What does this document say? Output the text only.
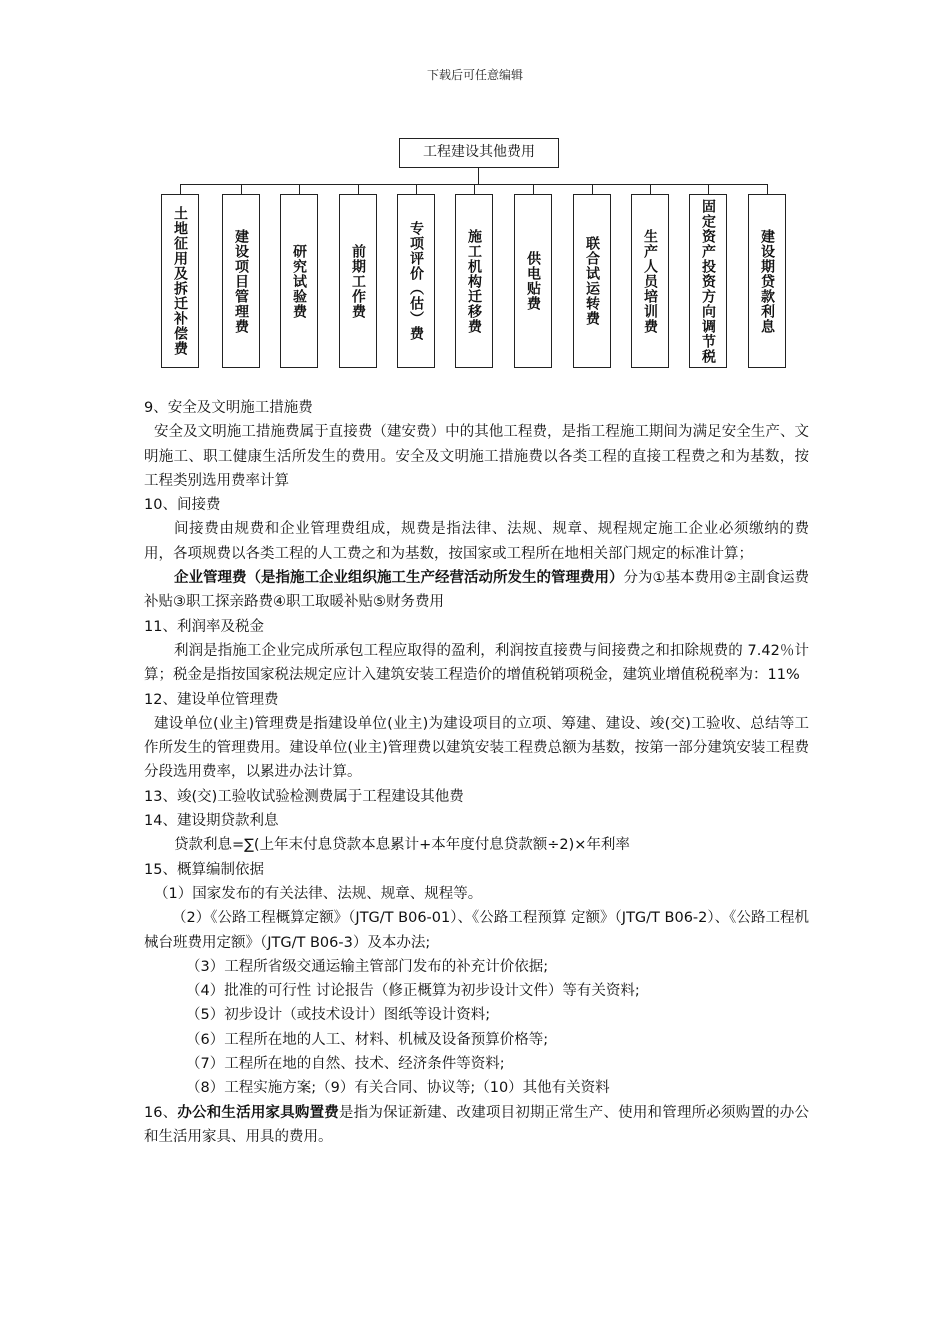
下载后可任意编辑
工程建设其他费用
土地征用及拆迁补偿费	建设项目管理费	研究试验费	前期工作费	专项评价（估）费	施工机构迁移费	供电贴费	联合试运转费	生产人员培训费	固定资产投资方向调节税	建设期贷款利息

9、安全及文明施工措施费

安全及文明施工措施费属于直接费（建安费）中的其他工程费，是指工程施工期间为满足安全生产、文明施工、职工健康生活所发生的费用。安全及文明施工措施费以各类工程的直接工程费之和为基数，按工程类别选用费率计算

10、间接费

间接费由规费和企业管理费组成，规费是指法律、法规、规章、规程规定施工企业必须缴纳的费用，各项规费以各类工程的人工费之和为基数，按国家或工程所在地相关部门规定的标准计算；

企业管理费（是指施工企业组织施工生产经营活动所发生的管理费用）分为①基本费用②主副食运费补贴③职工探亲路费④职工取暖补贴⑤财务费用

11、利润率及税金

利润是指施工企业完成所承包工程应取得的盈利，利润按直接费与间接费之和扣除规费的 7.42％计算；税金是指按国家税法规定应计入建筑安装工程造价的增值税销项税金，建筑业增值税税率为：11%

12、建设单位管理费

建设单位(业主)管理费是指建设单位(业主)为建设项目的立项、筹建、建设、竣(交)工验收、总结等工作所发生的管理费用。建设单位(业主)管理费以建筑安装工程费总额为基数，按第一部分建筑安装工程费分段选用费率，以累进办法计算。

13、竣(交)工验收试验检测费属于工程建设其他费

14、建设期贷款利息

贷款利息=∑(上年末付息贷款本息累计+本年度付息贷款额÷2)×年利率

15、概算编制依据

（1）国家发布的有关法律、法规、规章、规程等。

（2）《公路工程概算定额》（JTG/T B06-01）、《公路工程预算 定额》（JTG/T B06-2）、《公路工程机械台班费用定额》（JTG/T B06-3）及本办法;

（3）工程所省级交通运输主管部门发布的补充计价依据;

（4）批准的可行性 讨论报告（修正概算为初步设计文件）等有关资料;

（5）初步设计（或技术设计）图纸等设计资料;

（6）工程所在地的人工、材料、机械及设备预算价格等;

（7）工程所在地的自然、技术、经济条件等资料;

（8）工程实施方案;（9）有关合同、协议等;（10）其他有关资料

16、办公和生活用家具购置费是指为保证新建、改建项目初期正常生产、使用和管理所必须购置的办公和生活用家具、用具的费用。
